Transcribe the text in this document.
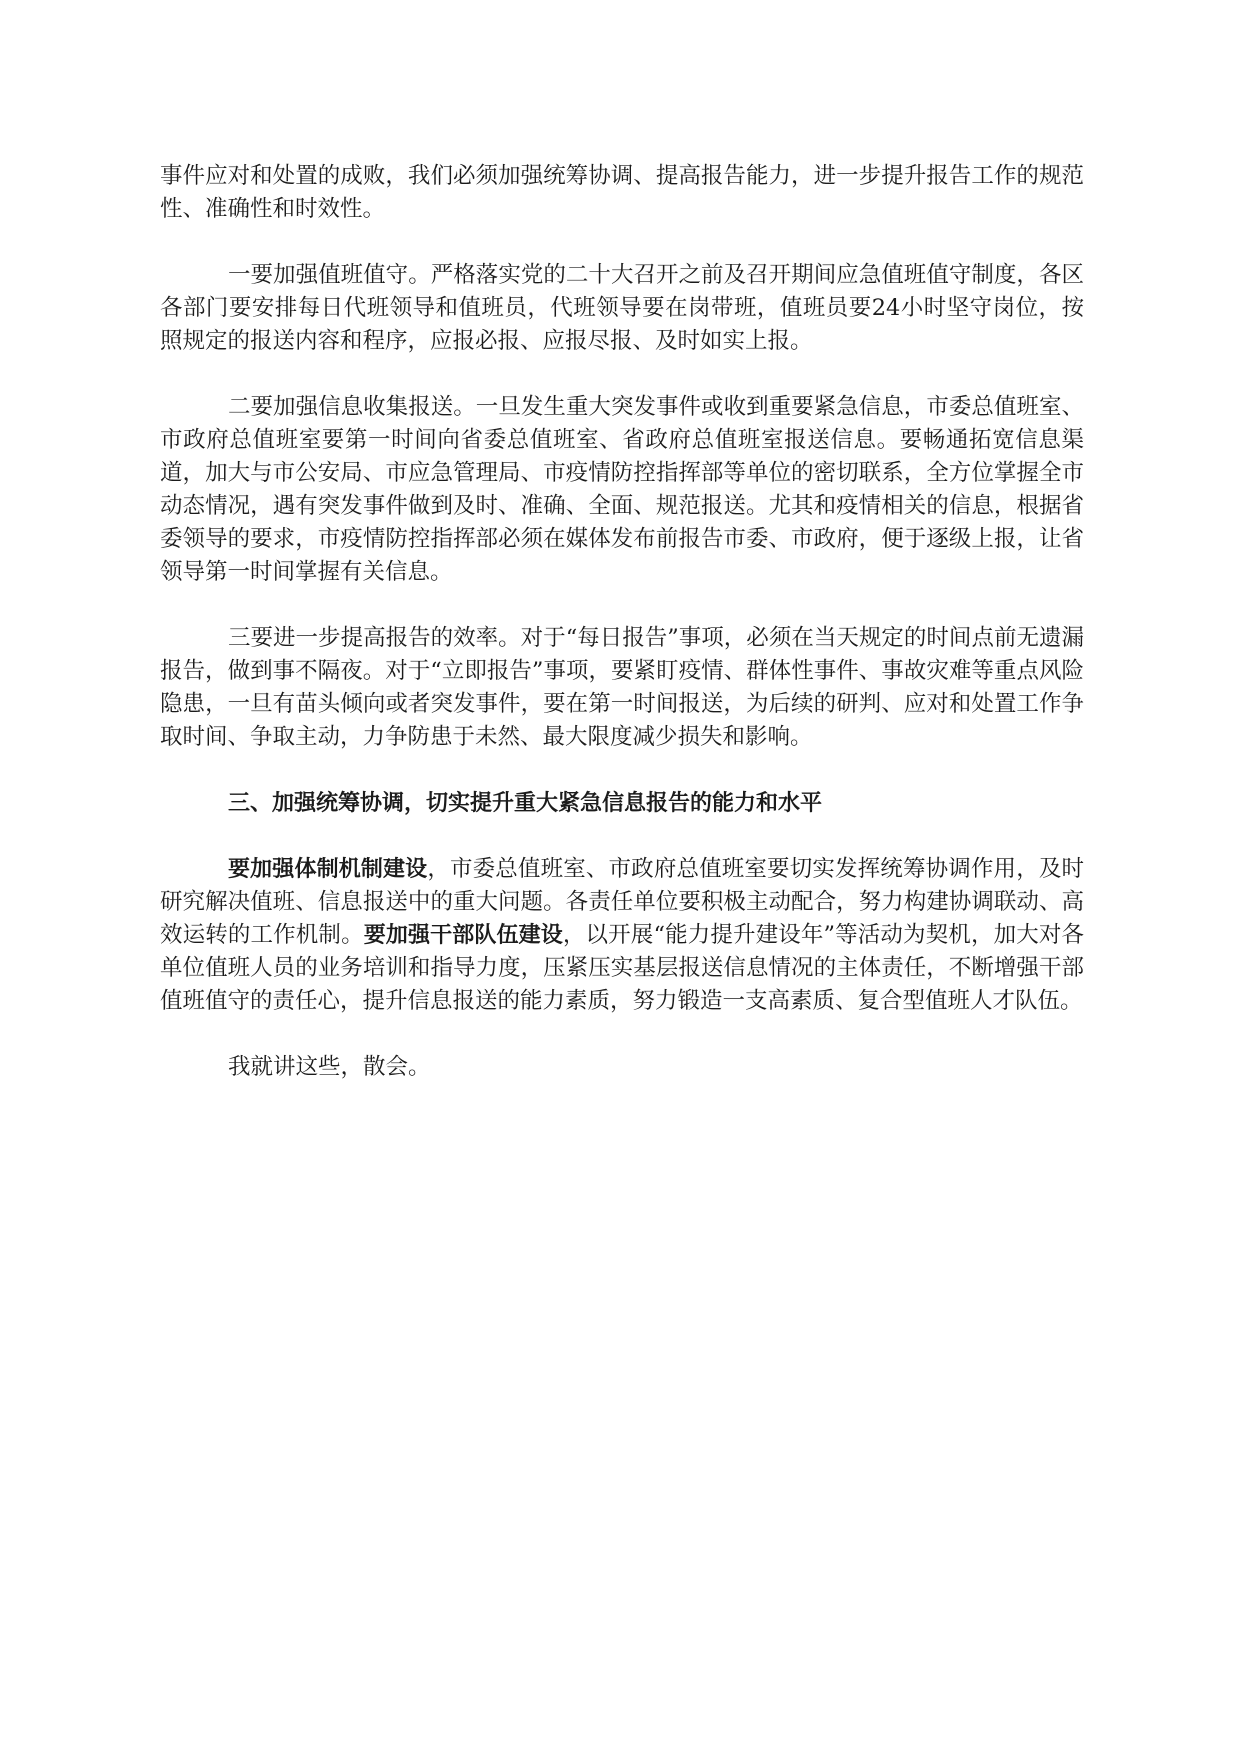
事件应对和处置的成败，我们必须加强统筹协调、提高报告能力，进一步提升报告工作的规范性、准确性和时效性。

一要加强值班值守。严格落实党的二十大召开之前及召开期间应急值班值守制度，各区各部门要安排每日代班领导和值班员，代班领导要在岗带班，值班员要24小时坚守岗位，按照规定的报送内容和程序，应报必报、应报尽报、及时如实上报。

二要加强信息收集报送。一旦发生重大突发事件或收到重要紧急信息，市委总值班室、市政府总值班室要第一时间向省委总值班室、省政府总值班室报送信息。要畅通拓宽信息渠道，加大与市公安局、市应急管理局、市疫情防控指挥部等单位的密切联系，全方位掌握全市动态情况，遇有突发事件做到及时、准确、全面、规范报送。尤其和疫情相关的信息，根据省委领导的要求，市疫情防控指挥部必须在媒体发布前报告市委、市政府，便于逐级上报，让省领导第一时间掌握有关信息。

三要进一步提高报告的效率。对于“每日报告”事项，必须在当天规定的时间点前无遗漏报告，做到事不隔夜。对于“立即报告”事项，要紧盯疫情、群体性事件、事故灾难等重点风险隐患，一旦有苗头倾向或者突发事件，要在第一时间报送，为后续的研判、应对和处置工作争取时间、争取主动，力争防患于未然、最大限度减少损失和影响。

三、加强统筹协调，切实提升重大紧急信息报告的能力和水平

要加强体制机制建设，市委总值班室、市政府总值班室要切实发挥统筹协调作用，及时研究解决值班、信息报送中的重大问题。各责任单位要积极主动配合，努力构建协调联动、高效运转的工作机制。要加强干部队伍建设，以开展“能力提升建设年”等活动为契机，加大对各单位值班人员的业务培训和指导力度，压紧压实基层报送信息情况的主体责任，不断增强干部值班值守的责任心，提升信息报送的能力素质，努力锻造一支高素质、复合型值班人才队伍。

我就讲这些，散会。
